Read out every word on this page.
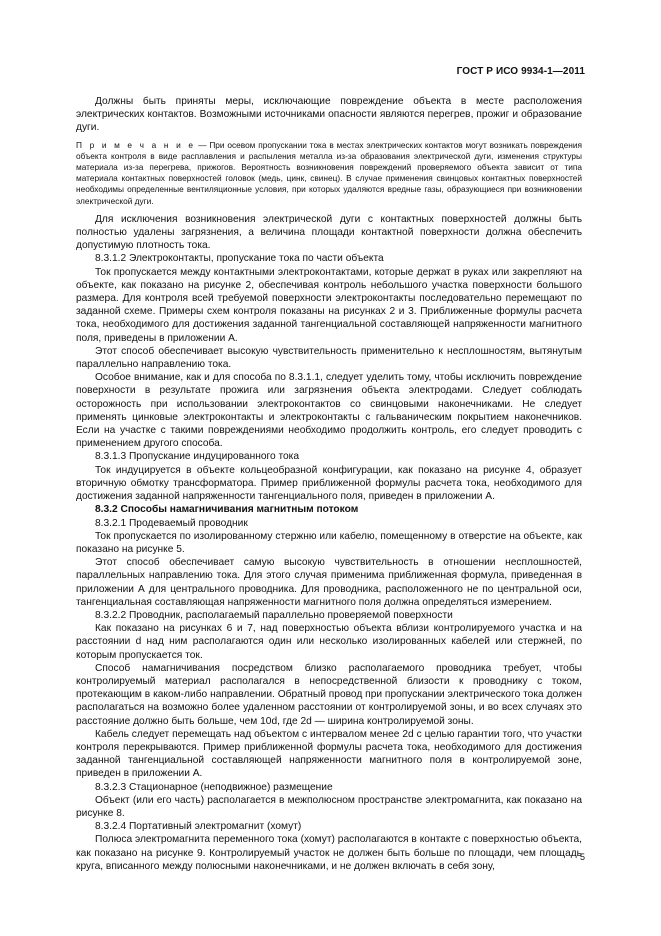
ГОСТ Р ИСО 9934-1—2011

Должны быть приняты меры, исключающие повреждение объекта в месте расположения электрических контактов. Возможными источниками опасности являются перегрев, прожиг и образование дуги.

П р и м е ч а н и е — При осевом пропускании тока в местах электрических контактов могут возникать повреждения объекта контроля в виде расплавления и распыления металла из-за образования электрической дуги, изменения структуры материала из-за перегрева, прижогов. Вероятность возникновения повреждений проверяемого объекта зависит от типа материала контактных поверхностей головок (медь, цинк, свинец). В случае применения свинцовых контактных поверхностей необходимы определенные вентиляционные условия, при которых удаляются вредные газы, образующиеся при возникновении электрической дуги.

Для исключения возникновения электрической дуги с контактных поверхностей должны быть полностью удалены загрязнения, а величина площади контактной поверхности должна обеспечить допустимую плотность тока.

8.3.1.2 Электроконтакты, пропускание тока по части объекта

Ток пропускается между контактными электроконтактами, которые держат в руках или закрепляют на объекте, как показано на рисунке 2, обеспечивая контроль небольшого участка поверхности большого размера. Для контроля всей требуемой поверхности электроконтакты последовательно перемещают по заданной схеме. Примеры схем контроля показаны на рисунках 2 и 3. Приближенные формулы расчета тока, необходимого для достижения заданной тангенциальной составляющей напряженности магнитного поля, приведены в приложении А.

Этот способ обеспечивает высокую чувствительность применительно к несплошностям, вытянутым параллельно направлению тока.

Особое внимание, как и для способа по 8.3.1.1, следует уделить тому, чтобы исключить повреждение поверхности в результате прожига или загрязнения объекта электродами. Следует соблюдать осторожность при использовании электроконтактов со свинцовыми наконечниками. Не следует применять цинковые электроконтакты и электроконтакты с гальваническим покрытием наконечников. Если на участке с такими повреждениями необходимо продолжить контроль, его следует проводить с применением другого способа.

8.3.1.3 Пропускание индуцированного тока

Ток индуцируется в объекте кольцеобразной конфигурации, как показано на рисунке 4, образует вторичную обмотку трансформатора. Пример приближенной формулы расчета тока, необходимого для достижения заданной напряженности тангенциального поля, приведен в приложении А.

8.3.2 Способы намагничивания магнитным потоком

8.3.2.1 Продеваемый проводник

Ток пропускается по изолированному стержню или кабелю, помещенному в отверстие на объекте, как показано на рисунке 5.

Этот способ обеспечивает самую высокую чувствительность в отношении несплошностей, параллельных направлению тока. Для этого случая применима приближенная формула, приведенная в приложении А для центрального проводника. Для проводника, расположенного не по центральной оси, тангенциальная составляющая напряженности магнитного поля должна определяться измерением.

8.3.2.2 Проводник, располагаемый параллельно проверяемой поверхности

Как показано на рисунках 6 и 7, над поверхностью объекта вблизи контролируемого участка и на расстоянии d над ним располагаются один или несколько изолированных кабелей или стержней, по которым пропускается ток.

Способ намагничивания посредством близко располагаемого проводника требует, чтобы контролируемый материал располагался в непосредственной близости к проводнику с током, протекающим в каком-либо направлении. Обратный провод при пропускании электрического тока должен располагаться на возможно более удаленном расстоянии от контролируемой зоны, и во всех случаях это расстояние должно быть больше, чем 10d, где 2d — ширина контролируемой зоны.

Кабель следует перемещать над объектом с интервалом менее 2d с целью гарантии того, что участки контроля перекрываются. Пример приближенной формулы расчета тока, необходимого для достижения заданной тангенциальной составляющей напряженности магнитного поля в контролируемой зоне, приведен в приложении А.

8.3.2.3 Стационарное (неподвижное) размещение

Объект (или его часть) располагается в межполюсном пространстве электромагнита, как показано на рисунке 8.

8.3.2.4 Портативный электромагнит (хомут)

Полюса электромагнита переменного тока (хомут) располагаются в контакте с поверхностью объекта, как показано на рисунке 9. Контролируемый участок не должен быть больше по площади, чем площадь круга, вписанного между полюсными наконечниками, и не должен включать в себя зону,

5
